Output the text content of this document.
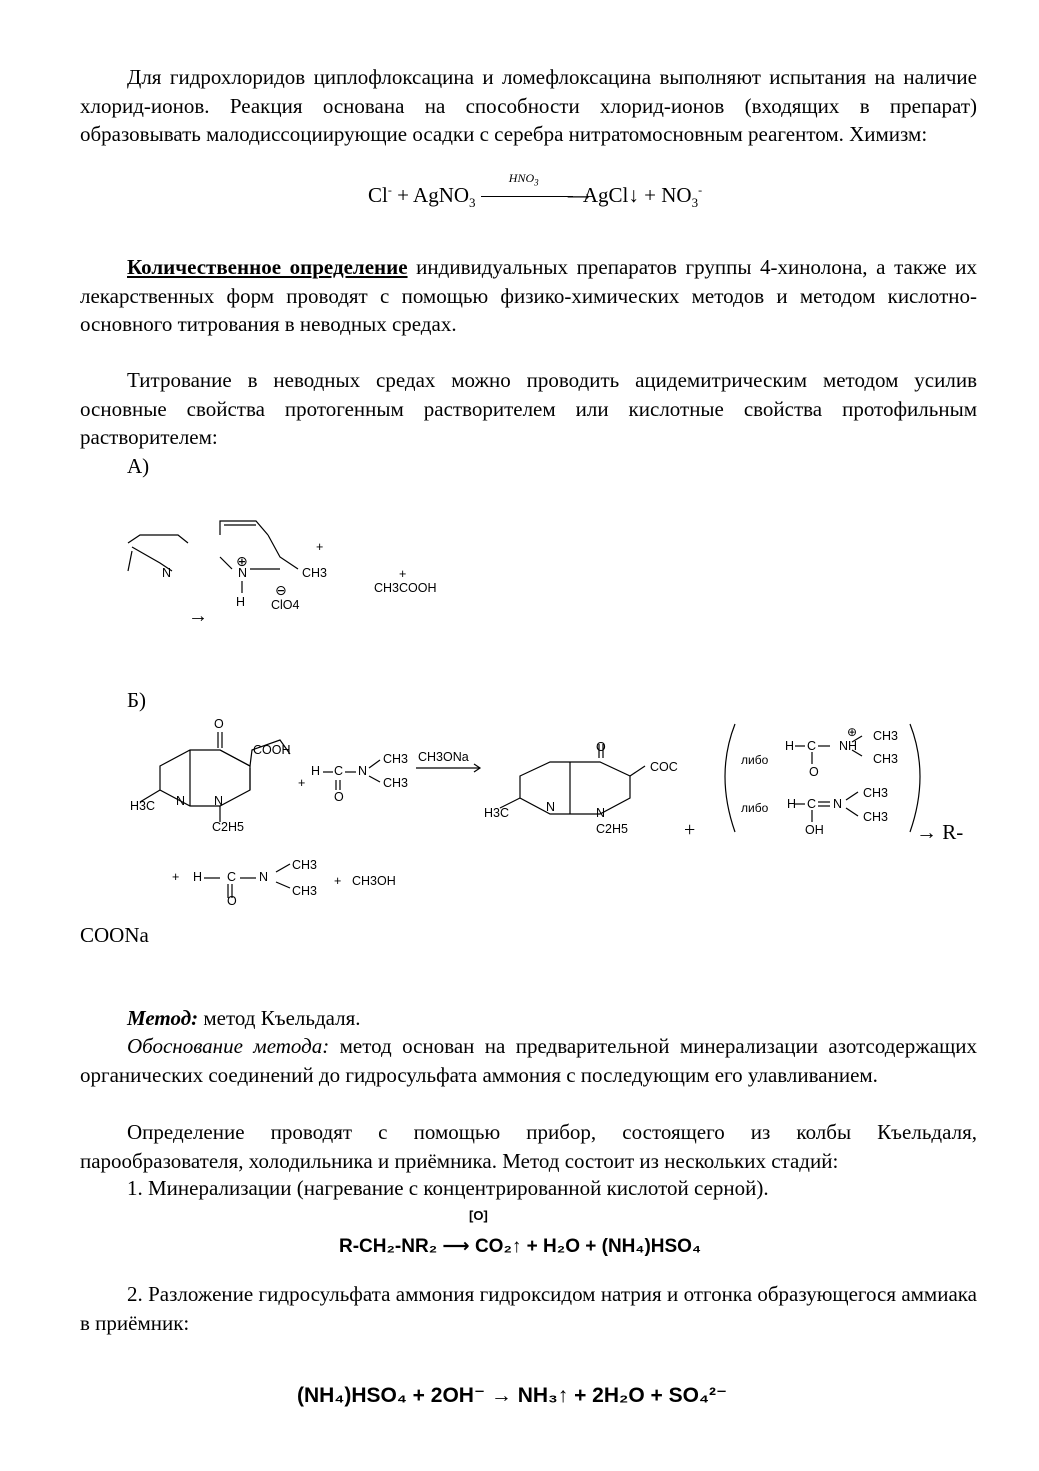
Для гидрохлоридов циплофлоксацина и ломефлоксацина выполняют испытания на наличие хлорид-ионов. Реакция основана на способности хлорид-ионов (входящих в препарат) образовывать малодиссоциирующие осадки с серебра нитратомосновным реагентом. Химизм:
Cl- + AgNO$_3$
$HNO_3$
⟶
AgCl↓ + $NO_3^-$
Количественное определение индивидуальных препаратов группы 4-хинолона, а также их лекарственных форм проводят с помощью физико-химических методов и методом кислотно-основного титрования в неводных средах.
Титрование в неводных средах можно проводить ацидемитрическим методом усилив основные свойства протогенным растворителем или кислотные свойства протофильным растворителем:
А)
N
⊕
N	CH3
H
⊖
ClO4
+
+
CH3COOH
→
Б)
O
COOH
H3C N N
C2H5
+
H C N
CH3
CH3
O
CH3ONa
O
COC
H3C	N	N
C2H5	+
либо
H C NH
⊕ CH3
CH3
O
либо H C N
CH3
CH3
OH	→ R-
+ H C N
CH3
CH3
O
+ CH3OH
COONa
Метод: метод Къельдаля.
Обоснование метода: метод основан на предварительной минерализации азотсодержащих органических соединений до гидросульфата аммония с последующим его улавливанием.
Определение проводят с помощью прибор, состоящего из колбы Къельдаля, парообразователя, холодильника и приёмника. Метод состоит из нескольких стадий:
1. Минерализации (нагревание с концентрированной кислотой серной).
[O]
R-CH₂-NR₂ ⟶ CO₂↑ + H₂O + (NH₄)HSO₄
2. Разложение гидросульфата аммония гидроксидом натрия и отгонка образующегося аммиака в приёмник:
(NH₄)HSO₄ + 2OH⁻ → NH₃↑ + 2H₂O + SO₄²⁻
